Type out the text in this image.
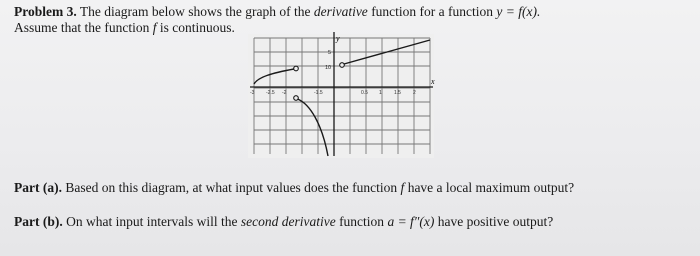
Problem 3. The diagram below shows the graph of the derivative function for a function y = f(x).
Assume that the function f is continuous.
y
x
-3 -2.5 -2	-1.5	0.5 1 1.5 2
10
5
Part (a). Based on this diagram, at what input values does the function f have a local maximum output?
Part (b). On what input intervals will the second derivative function a = f″(x) have positive output?
